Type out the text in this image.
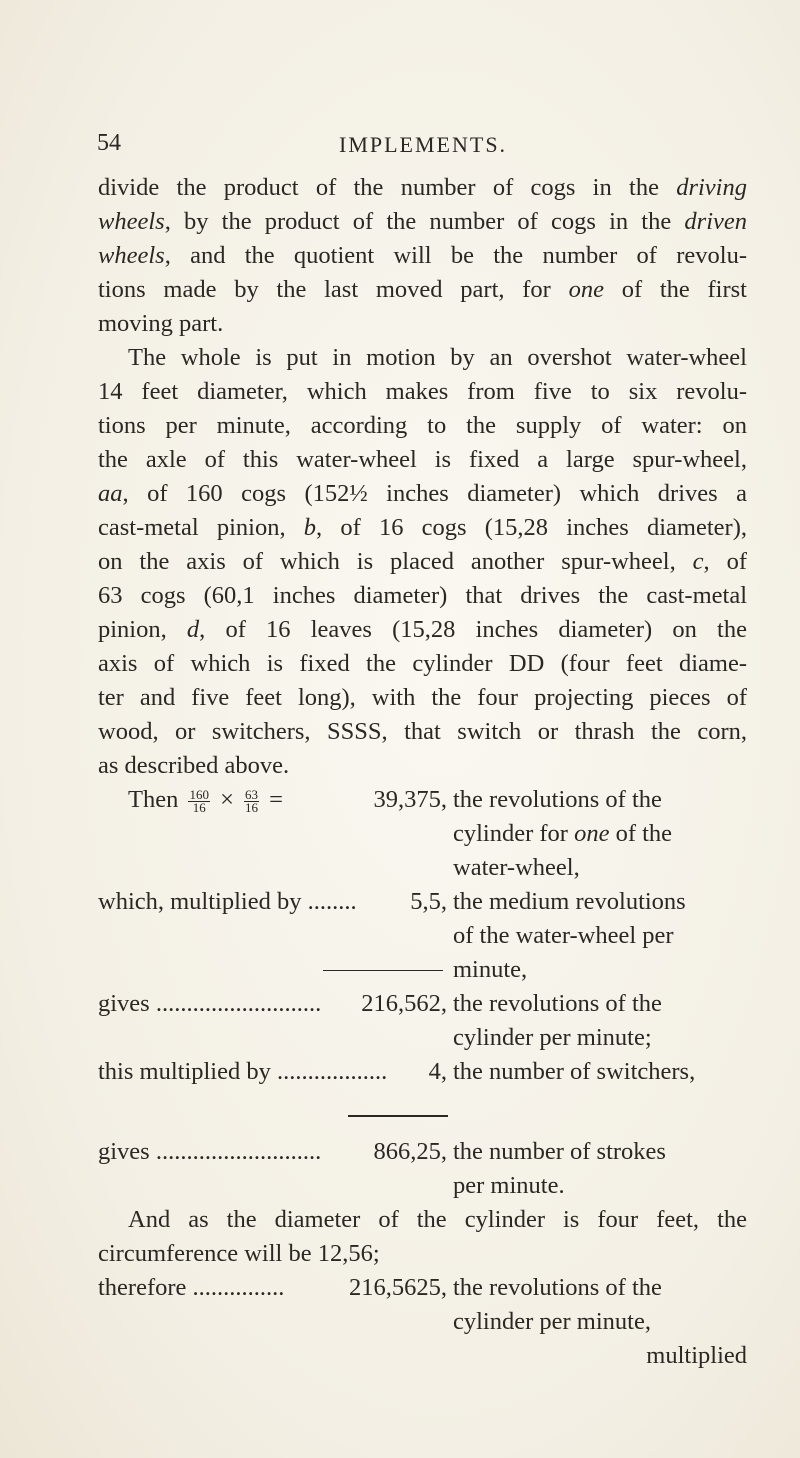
54	IMPLEMENTS.
divide the product of the number of cogs in the driving
wheels, by the product of the number of cogs in the driven
wheels, and the quotient will be the number of revolu-
tions made by the last moved part, for one of the first
moving part.
The whole is put in motion by an overshot water-wheel
14 feet diameter, which makes from five to six revolu-
tions per minute, according to the supply of water: on
the axle of this water-wheel is fixed a large spur-wheel,
aa, of 160 cogs (152½ inches diameter) which drives a
cast-metal pinion, b, of 16 cogs (15,28 inches diameter),
on the axis of which is placed another spur-wheel, c, of
63 cogs (60,1 inches diameter) that drives the cast-metal
pinion, d, of 16 leaves (15,28 inches diameter) on the
axis of which is fixed the cylinder DD (four feet diame-
ter and five feet long), with the four projecting pieces of
wood, or switchers, SSSS, that switch or thrash the corn,
as described above.
Then $\frac{160}{16} \times \frac{63}{16}$ =	39,375, the revolutions of the
cylinder for one of the
water-wheel,
which, multiplied by ........ 5,5, the medium revolutions
of the water-wheel per
minute,
gives ........................... 216,562, the revolutions of the
cylinder per minute;
this multiplied by .................. 4, the number of switchers,
gives ........................... 866,25, the number of strokes
per minute.
And as the diameter of the cylinder is four feet, the
circumference will be 12,56;
therefore ...............	216,5625, the revolutions of the
cylinder per minute,
multiplied
